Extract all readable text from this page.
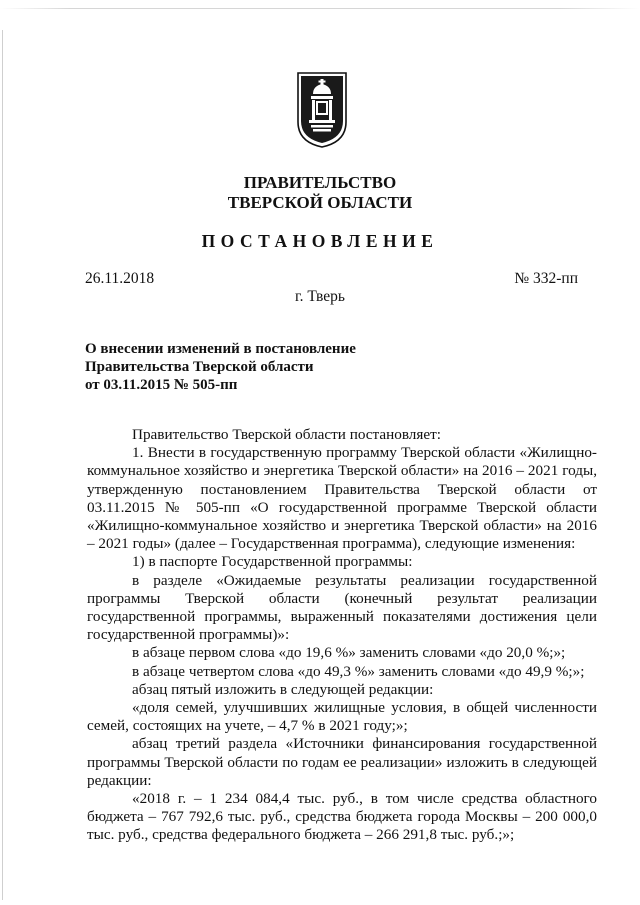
ПРАВИТЕЛЬСТВО
ТВЕРСКОЙ ОБЛАСТИ
ПОСТАНОВЛЕНИЕ
26.11.2018	№ 332-пп
г. Тверь
О внесении изменений в постановление
Правительства Тверской области
от 03.11.2015 № 505-пп

Правительство Тверской области постановляет:

1. Внести в государственную программу Тверской области «Жилищно-коммунальное хозяйство и энергетика Тверской области» на 2016 – 2021 годы, утвержденную постановлением Правительства Тверской области от 03.11.2015 № 505-пп «О государственной программе Тверской области «Жилищно-коммунальное хозяйство и энергетика Тверской области» на 2016 – 2021 годы» (далее – Государственная программа), следующие изменения:

1) в паспорте Государственной программы:

в разделе «Ожидаемые результаты реализации государственной программы Тверской области (конечный результат реализации государственной программы, выраженный показателями достижения цели государственной программы)»:

в абзаце первом слова «до 19,6 %» заменить словами «до 20,0 %;»;

в абзаце четвертом слова «до 49,3 %» заменить словами «до 49,9 %;»;

абзац пятый изложить в следующей редакции:

«доля семей, улучшивших жилищные условия, в общей численности семей, состоящих на учете, – 4,7 % в 2021 году;»;

абзац третий раздела «Источники финансирования государственной программы Тверской области по годам ее реализации» изложить в следующей редакции:

«2018 г. – 1 234 084,4 тыс. руб., в том числе средства областного бюджета – 767 792,6 тыс. руб., средства бюджета города Москвы – 200 000,0 тыс. руб., средства федерального бюджета – 266 291,8 тыс. руб.;»;
